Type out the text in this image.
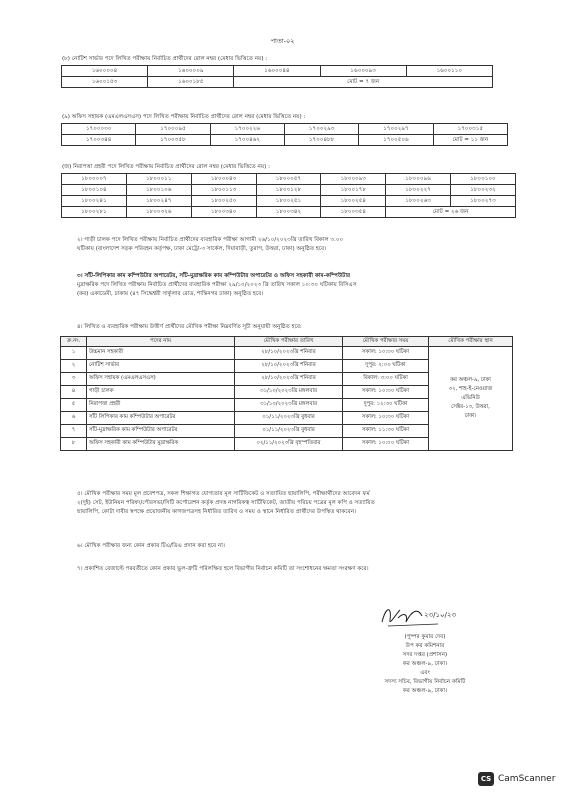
পাতা-০২
(৮) নোটিশ সার্ভার পদে লিখিত পরীক্ষায় নির্বাচিত প্রার্থীদের রোল নম্বর (মেধার ভিত্তিতে নয়) :
১৬০০০০৪	১৬০০০০৯	১৬০০০৪৪	১৬০০০৯৩	১৬০০১১০
১৬০০১৫৩	১৬০০১৮৫	মোট = ৭ জন		
(৯) অফিস সহায়ক (এমএলএসএস) পদে লিখিত পরীক্ষায় নির্বাচিত প্রার্থীদের রোল নম্বর (মেধার ভিত্তিতে নয়) :
১৭০০০৩০	১৭০০০৯৫	১৭০০২২৬	১৭০০২৯৩	১৭০০২৯৭	১৭০০৩১৫
১৭০০৩৪৪	১৭০০৩৫৮	১৭০০৪৬২	১৭০০৪৮৮	১৭০০৫০৬	মোট = ১১ জন
(জ) নিরাপত্তা প্রহরী পদে লিখিত পরীক্ষায় নির্বাচিত প্রার্থীদের রোল নম্বর (মেধার ভিত্তিতে নয়) :
১৮০০০০৭	১৮০০০১১	১৮০০০৪৩	১৮০০০৫৭	১৮০০০৯৩	১৮০০০৯৬	১৮০০১০০
১৮০০১০৪	১৮০০১০৬	১৮০০১১৩	১৮০০১২৮	১৮০০১৭৮	১৮০০২২৭	১৮০০২৩২
১৮০০২৪১	১৮০০২৪৭	১৮০০২৫০	১৮০০২৫১	১৮০০২৫৪	১৮০০২৬৩	১৮০০২৭৩
১৮০০২৮১	১৮০০৩২৬	১৮০০৩৪০	১৮০০৩৪২	১৮০০৩৫৪	মোট = ২৬ জন	
২। গাড়ী চালক পদে লিখিত পরীক্ষায় নির্বাচিত প্রার্থীদের ব্যবহারিক পরীক্ষা আগামী ২৬/১০/২০২৩খ্রি তারিখ বিকাল ৩.০০
ঘটিকায় (বাংলাদেশ সড়ক পরিবহন কর্তৃপক্ষ, ঢাকা মেট্রো-৩ সার্কেল, দিয়াবাড়ী, তুরাগ, উত্তরা, ঢাকা) অনুষ্ঠিত হবে।
৩। সাঁট-লিপিকার কাম কম্পিউটার অপারেটর, সাঁট-মুদ্রাক্ষরিক কাম কম্পিউটার অপারেটর ও অফিস সহকারী কাম-কম্পিউটার
মুদ্রাক্ষরিক পদে লিখিত পরীক্ষায় নির্বাচিত প্রার্থীদের ব্যবহারিক পরীক্ষা ২৯/১০/২০২৩ খ্রি তারিখ সকাল ১০:৩০ ঘটিকায় বিসিএস
(কর) একাডেমী, ঢাকায় (৪৭ সিদ্ধেশ্বরী সার্কুলার রোড, শান্তিনগর ঢাকা) অনুষ্ঠিত হবে।
৪। লিখিত ও ব্যবহারিক পরীক্ষায় উত্তীর্ণ প্রার্থীদের মৌখিক পরীক্ষা নিম্নবর্ণিত সূচী অনুযায়ী অনুষ্ঠিত হবে:
ক্র.নং.	পদের নাম	মৌখিক পরীক্ষার তারিখ	মৌখিক পরীক্ষার সময়	মৌখিক পরীক্ষার স্থান
১	উচ্চমান সহকারী	২৮/১০/২০২৩খ্রি শনিবার	সকাল: ১০:৩০ ঘটিকা	কর অঞ্চল-৯, ঢাকা
৩২, শাহ-ই-নেওয়াজ
এভিনিউ
সেক্টর-১৩, উত্তরা,
ঢাকা।

২	নোটিশ সার্ভার	২৮/১০/২০২৩খ্রি শনিবার	দুপুর: ২:০০ ঘটিকা	
৩	অফিস সহায়ক (এমএলএসএস)	২৮/১০/২০২৩খ্রি শনিবার	বিকাল: ৩:০০ ঘটিকা	
৪	গাড়ী চালক	৩১/১০/২০২৩খ্রি মঙ্গলবার	সকাল: ১০:৩০ ঘটিকা	
৫	নিরাপত্তা প্রহরী	৩১/১০/২০২৩খ্রি মঙ্গলবার	দুপুর: ১২:৩০ ঘটিকা	
৬	সাঁট লিপিকার কাম কম্পিউটার অপারেটর	০১/১১/২০২৩খ্রি বুধবার	সকাল: ১০:৩০ ঘটিকা	
৭	সাঁট-মুদ্রাক্ষরিক কাম কম্পিউটার অপারেটর	০১/১১/২০২৩খ্রি বুধবার	সকাল: ১১:৩০ ঘটিকা	
৮	অফিস সহকারী কাম কম্পিউটার মুদ্রাক্ষরিক	০২/১১/২০২৩খ্রি বৃহস্পতিবার	সকাল: ১০:০০ ঘটিকা	
৫। মৌখিক পরীক্ষার সময় মূল প্রবেশপত্র, সকল শিক্ষাগত যোগ্যতার মূল সার্টিফিকেট ও সত্যায়িত ছায়ালিপি, পরীক্ষার্থীদের আবেদন ফর্ম
২(দুই) সেট, ইউনিয়ন পরিষদ/পৌরসভা/সিটি কর্পোরেশন কর্তৃক প্রদত্ত নাগরিকত্ব সার্টিফিকেট, জাতীয় পরিচয় পত্রের মূল কপি ও সত্যায়িত
ছায়ালিপি, কোটা দাবীর স্বপক্ষে প্রয়োজনীয় কাগজপত্রসহ নির্ধারিত তারিখ ও সময় ও স্থানে নির্ধারিত প্রার্থীদের উপস্থিত থাকবেন।
৬। মৌখিক পরীক্ষার জন্য কোন প্রকার টিএ/ডিএ প্রদান করা হবে না।
৭। প্রকাশিত রেজাল্টে পরবর্তীতে কোন প্রকার ভুল-ত্রুটি পরিলক্ষিত হলে বিভাগীয় নির্বাচন কমিটি তা সংশোধনের ক্ষমতা সংরক্ষণ করে।
২৩/১০/২৩
(পুষ্পর কুমার দেব)
উপ কর কমিশনার
সদর দপ্তর (প্রশাসন)
কর অঞ্চল-৯, ঢাকা।
এবং
সদস্য সচিব, বিভাগীয় নির্বাচন কমিটি
কর অঞ্চল-৯, ঢাকা।
CS CamScanner
